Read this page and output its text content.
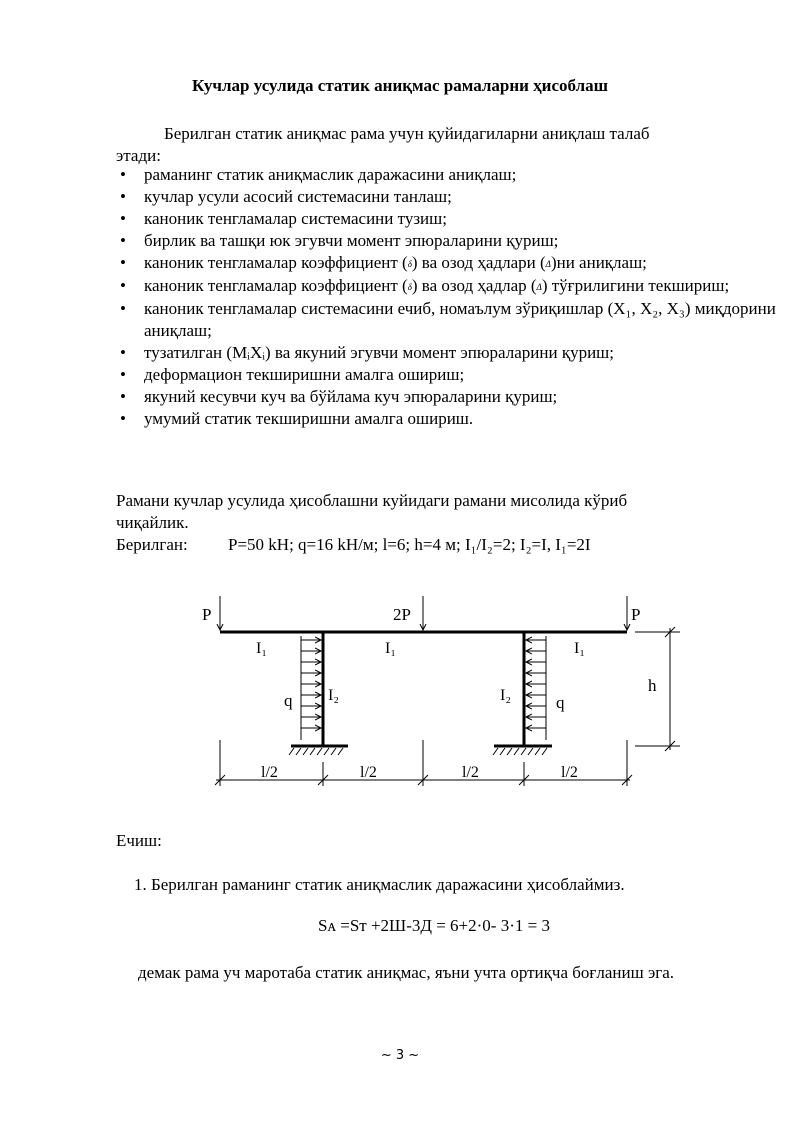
Кучлар усулида статик аниқмас рамаларни ҳисоблаш
Берилган статик аниқмас рама учун қуйидагиларни аниқлаш талаб
этади:
• раманинг статик аниқмаслик даражасини аниқлаш;
• кучлар усули асосий системасини танлаш;
• каноник тенгламалар системасини тузиш;
• бирлик ва ташқи юк эгувчи момент эпюраларини қуриш;
• каноник тенгламалар коэффициент (δ) ва озод ҳадлари (Δ)ни аниқлаш;
• каноник тенгламалар коэффициент (δ) ва озод ҳадлар (Δ) тўғрилигини текшириш;
• каноник тенгламалар системасини ечиб, номаълум зўриқишлар (X₁, X₂, X₃) миқдорини аниқлаш;
• тузатилган (MᵢXᵢ) ва якуний эгувчи момент эпюраларини қуриш;
• деформацион текширишни амалга ошириш;
• якуний кесувчи куч ва бўйлама куч эпюраларини қуриш;
• умумий статик текширишни амалга ошириш.
Рамани кучлар усулида ҳисоблашни куйидаги рамани мисолида кўриб
чиқайлик.
Берилган: P=50 kH; q=16 kH/м; l=6; h=4 м; I₁/I₂=2; I₂=I, I₁=2I
P	2P	P
I₁	I₁	I₁
I₂	I₂
q	q
h
l/2	l/2	l/2	l/2
Ечиш:
1. Берилган раманинг статик аниқмаслик даражасини ҳисоблаймиз.
Sᴀ =Sт +2Ш-3Д = 6+2·0- 3·1 = 3
демак рама уч маротаба статик аниқмас, яъни учта ортиқча боғланиш эга.
~ 3 ~
